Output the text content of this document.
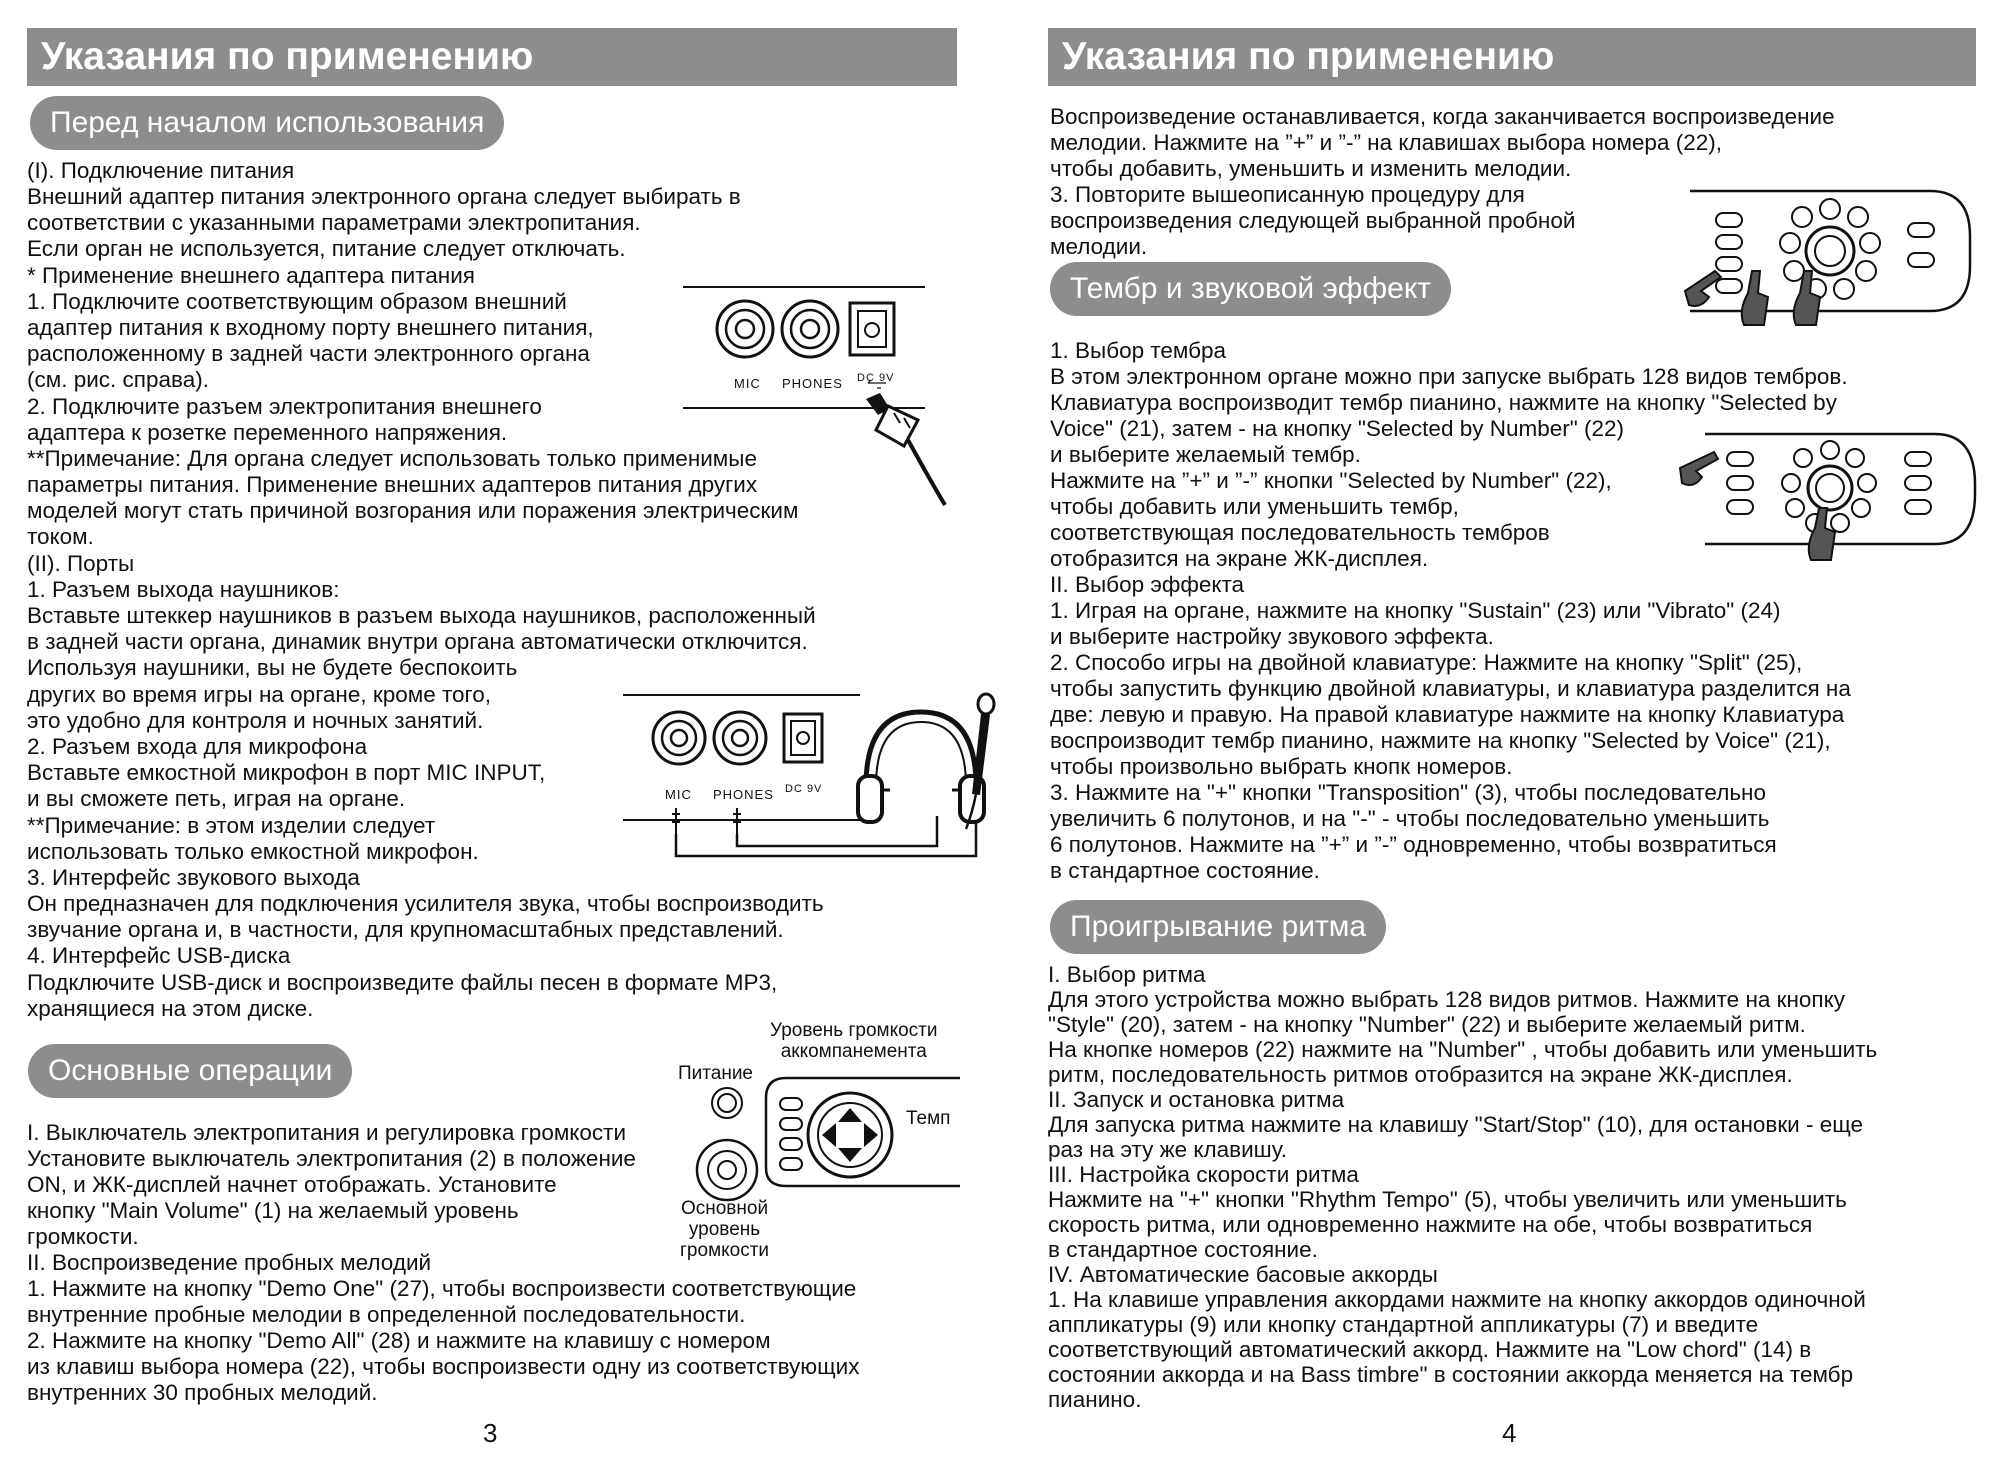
Указания по применению
Перед началом использования

(I). Подключение питания

Внешний адаптер питания электронного органа следует выбирать в

соответствии с указанными параметрами электропитания.

Если орган не используется, питание следует отключать.

* Применение внешнего адаптера питания

1. Подключите соответствующим образом внешний

адаптер питания к входному порту внешнего питания,

расположенному в задней части электронного органа

(см. рис. справа).

2. Подключите разъем электропитания внешнего

адаптера к розетке переменного напряжения.

**Примечание: Для органа следует использовать только применимые

параметры питания. Применение внешних адаптеров питания других

моделей могут стать причиной возгорания или поражения электрическим

током.

(II). Порты

1. Разъем выхода наушников:

Вставьте штеккер наушников в разъем выхода наушников, расположенный

в задней части органа, динамик внутри органа автоматически отключится.

Используя наушники, вы не будете беспокоить

других во время игры на органе, кроме того,

это удобно для контроля и ночных занятий.

2. Разъем входа для микрофона

Вставьте емкостной микрофон в порт MIC INPUT,

и вы сможете петь, играя на органе.

**Примечание: в этом изделии следует

использовать только емкостной микрофон.

3. Интерфейс звукового выхода

Он предназначен для подключения усилителя звука, чтобы воспроизводить

звучание органа и, в частности, для крупномасштабных представлений.

4. Интерфейс USB-диска

Подключите USB-диск и воспроизведите файлы песен в формате MP3,

хранящиеся на этом диске.

MIC PHONES DC 9V
MIC PHONES DC 9V
Основные операции

I. Выключатель электропитания и регулировка громкости

Установите выключатель электропитания (2) в положение

ON, и ЖК-дисплей начнет отображать. Установите

кнопку "Main Volume" (1) на желаемый уровень

громкости.

II. Воспроизведение пробных мелодий

1. Нажмите на кнопку "Demo One" (27), чтобы воспроизвести соответствующие

внутренние пробные мелодии в определенной последовательности.

2. Нажмите на кнопку "Demo All" (28) и нажмите на клавишу с номером

из клавиш выбора номера (22), чтобы воспроизвести одну из соответствующих

внутренних 30 пробных мелодий.

Уровень громкости
аккомпанемента
Питание
Темп
Основной
уровень
громкости
3
Указания по применению

Воспроизведение останавливается, когда заканчивается воспроизведение

мелодии. Нажмите на ”+” и ”-” на клавишах выбора номера (22),

чтобы добавить, уменьшить и изменить мелодии.

3. Повторите вышеописанную процедуру для

воспроизведения следующей выбранной пробной

мелодии.

Тембр и звуковой эффект

1. Выбор тембра

В этом электронном органе можно при запуске выбрать 128 видов тембров.

Клавиатура воспроизводит тембр пианино, нажмите на кнопку "Selected by

Voice" (21), затем - на кнопку "Selected by Number" (22)

и выберите желаемый тембр.

Нажмите на ”+” и ”-” кнопки "Selected by Number" (22),

чтобы добавить или уменьшить тембр,

соответствующая последовательность тембров

отобразится на экране ЖК-дисплея.

II. Выбор эффекта

1. Играя на органе, нажмите на кнопку "Sustain" (23) или "Vibrato" (24)

и выберите настройку звукового эффекта.

2. Способо игры на двойной клавиатуре: Нажмите на кнопку "Split" (25),

чтобы запустить функцию двойной клавиатуры, и клавиатура разделится на

две: левую и правую. На правой клавиатуре нажмите на кнопку Клавиатура

воспроизводит тембр пианино, нажмите на кнопку "Selected by Voice" (21),

чтобы произвольно выбрать кнопк номеров.

3. Нажмите на "+" кнопки "Transposition" (3), чтобы последовательно

увеличить 6 полутонов, и на "-" - чтобы последовательно уменьшить

6 полутонов. Нажмите на ”+” и ”-” одновременно, чтобы возвратиться

в стандартное состояние.

Проигрывание ритма

I. Выбор ритма

Для этого устройства можно выбрать 128 видов ритмов. Нажмите на кнопку

"Style" (20), затем - на кнопку "Number" (22) и выберите желаемый ритм.

На кнопке номеров (22) нажмите на "Number" , чтобы добавить или уменьшить

ритм, последовательность ритмов отобразится на экране ЖК-дисплея.

II. Запуск и остановка ритма

Для запуска ритма нажмите на клавишу "Start/Stop" (10), для остановки - еще

раз на эту же клавишу.

III. Настройка скорости ритма

Нажмите на "+" кнопки "Rhythm Tempo" (5), чтобы увеличить или уменьшить

скорость ритма, или одновременно нажмите на обе, чтобы возвратиться

в стандартное состояние.

IV. Автоматические басовые аккорды

1. На клавише управления аккордами нажмите на кнопку аккордов одиночной

аппликатуры (9) или кнопку стандартной аппликатуры (7) и введите

соответствующий автоматический аккорд. Нажмите на "Low chord" (14) в

состоянии аккорда и на Bass timbre" в состоянии аккорда меняется на тембр

пианино.

4
